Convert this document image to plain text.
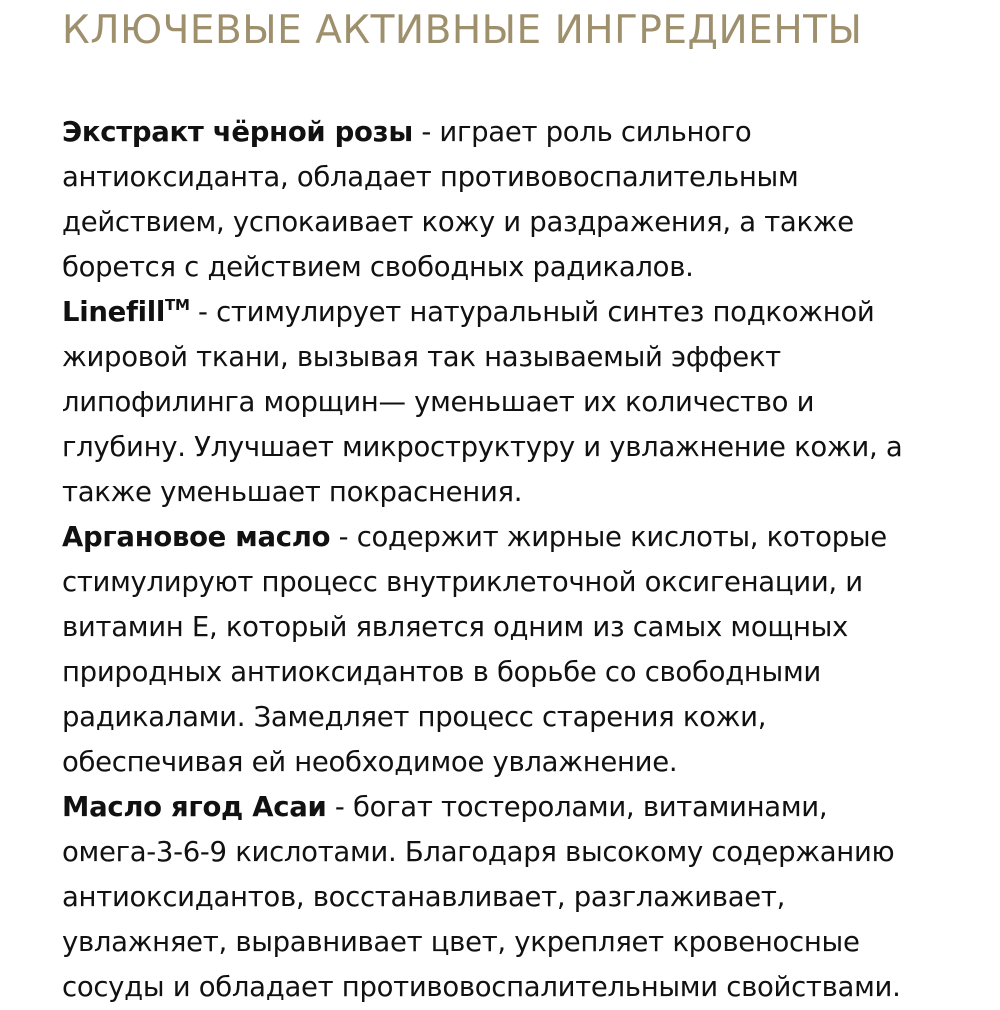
КЛЮЧЕВЫЕ АКТИВНЫЕ ИНГРЕДИЕНТЫ
Экстракт чёрной розы - играет роль сильного
антиоксиданта, обладает противовоспалительным
действием, успокаивает кожу и раздражения, а также
борется с действием свободных радикалов.
Linefill™ - стимулирует натуральный синтез подкожной
жировой ткани, вызывая так называемый эффект
липофилинга морщин— уменьшает их количество и
глубину. Улучшает микроструктуру и увлажнение кожи, а
также уменьшает покраснения.
Аргановое масло - содержит жирные кислоты, которые
стимулируют процесс внутриклеточной оксигенации, и
витамин Е, который является одним из самых мощных
природных антиоксидантов в борьбе со свободными
радикалами. Замедляет процесс старения кожи,
обеспечивая ей необходимое увлажнение.
Масло ягод Асаи - богат тостеролами, витаминами,
омега-3-6-9 кислотами. Благодаря высокому содержанию
антиоксидантов, восстанавливает, разглаживает,
увлажняет, выравнивает цвет, укрепляет кровеносные
сосуды и обладает противовоспалительными свойствами.
